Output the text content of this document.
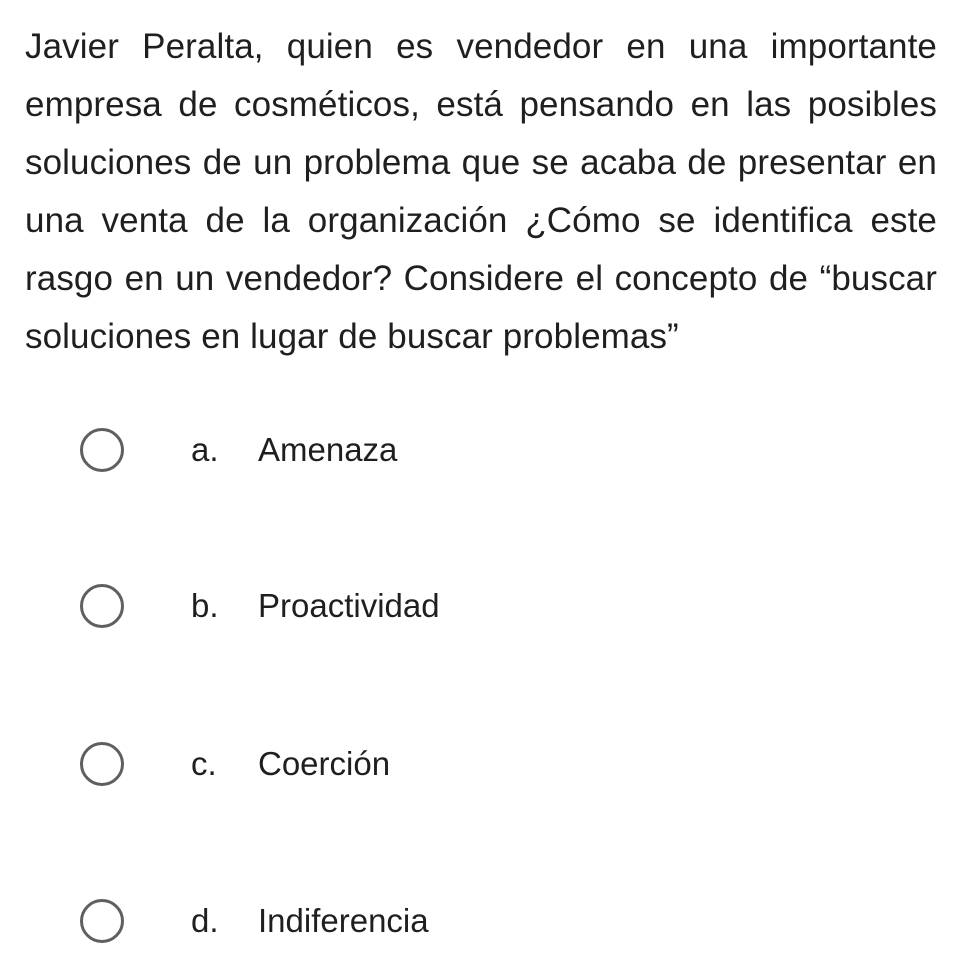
Javier Peralta, quien es vendedor en una importante empresa de cosméticos, está pensando en las posibles soluciones de un problema que se acaba de presentar en una venta de la organización ¿Cómo se identifica este rasgo en un vendedor? Considere el concepto de “buscar soluciones en lugar de buscar problemas”

a. Amenaza
b. Proactividad
c. Coerción
d. Indiferencia
